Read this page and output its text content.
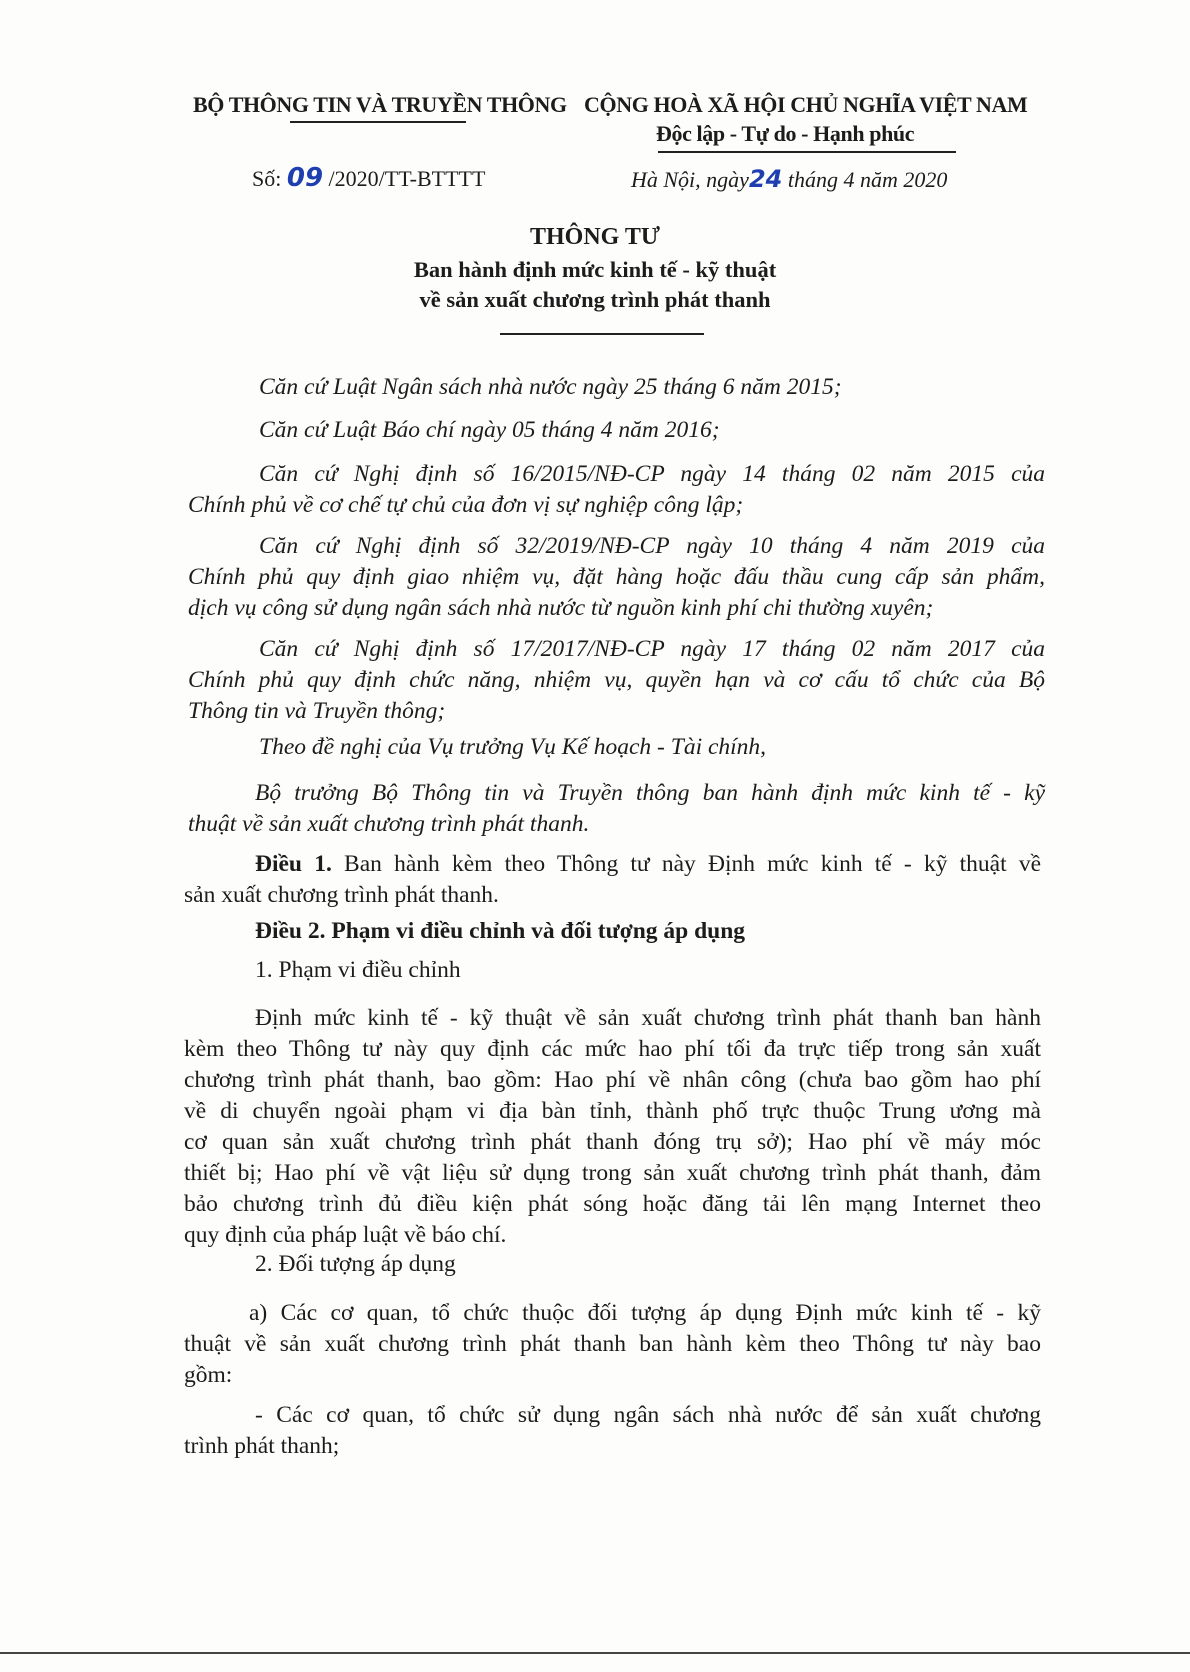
BỘ THÔNG TIN VÀ TRUYỀN THÔNG CỘNG HOÀ XÃ HỘI CHỦ NGHĨA VIỆT NAM
Độc lập - Tự do - Hạnh phúc
Số: 09 /2020/TT-BTTTT	Hà Nội, ngày24 tháng 4 năm 2020
THÔNG TƯ
Ban hành định mức kinh tế - kỹ thuật
về sản xuất chương trình phát thanh
Căn cứ Luật Ngân sách nhà nước ngày 25 tháng 6 năm 2015;
Căn cứ Luật Báo chí ngày 05 tháng 4 năm 2016;
Căn cứ Nghị định số 16/2015/NĐ-CP ngày 14 tháng 02 năm 2015 của
Chính phủ về cơ chế tự chủ của đơn vị sự nghiệp công lập;
Căn cứ Nghị định số 32/2019/NĐ-CP ngày 10 tháng 4 năm 2019 của
Chính phủ quy định giao nhiệm vụ, đặt hàng hoặc đấu thầu cung cấp sản phẩm,
dịch vụ công sử dụng ngân sách nhà nước từ nguồn kinh phí chi thường xuyên;
Căn cứ Nghị định số 17/2017/NĐ-CP ngày 17 tháng 02 năm 2017 của
Chính phủ quy định chức năng, nhiệm vụ, quyền hạn và cơ cấu tổ chức của Bộ
Thông tin và Truyền thông;
Theo đề nghị của Vụ trưởng Vụ Kế hoạch - Tài chính,
Bộ trưởng Bộ Thông tin và Truyền thông ban hành định mức kinh tế - kỹ
thuật về sản xuất chương trình phát thanh.
Điều 1. Ban hành kèm theo Thông tư này Định mức kinh tế - kỹ thuật về
sản xuất chương trình phát thanh.
Điều 2. Phạm vi điều chỉnh và đối tượng áp dụng
1. Phạm vi điều chỉnh
Định mức kinh tế - kỹ thuật về sản xuất chương trình phát thanh ban hành
kèm theo Thông tư này quy định các mức hao phí tối đa trực tiếp trong sản xuất
chương trình phát thanh, bao gồm: Hao phí về nhân công (chưa bao gồm hao phí
về di chuyển ngoài phạm vi địa bàn tỉnh, thành phố trực thuộc Trung ương mà
cơ quan sản xuất chương trình phát thanh đóng trụ sở); Hao phí về máy móc
thiết bị; Hao phí về vật liệu sử dụng trong sản xuất chương trình phát thanh, đảm
bảo chương trình đủ điều kiện phát sóng hoặc đăng tải lên mạng Internet theo
quy định của pháp luật về báo chí.
2. Đối tượng áp dụng
a) Các cơ quan, tổ chức thuộc đối tượng áp dụng Định mức kinh tế - kỹ
thuật về sản xuất chương trình phát thanh ban hành kèm theo Thông tư này bao
gồm:
- Các cơ quan, tổ chức sử dụng ngân sách nhà nước để sản xuất chương
trình phát thanh;
